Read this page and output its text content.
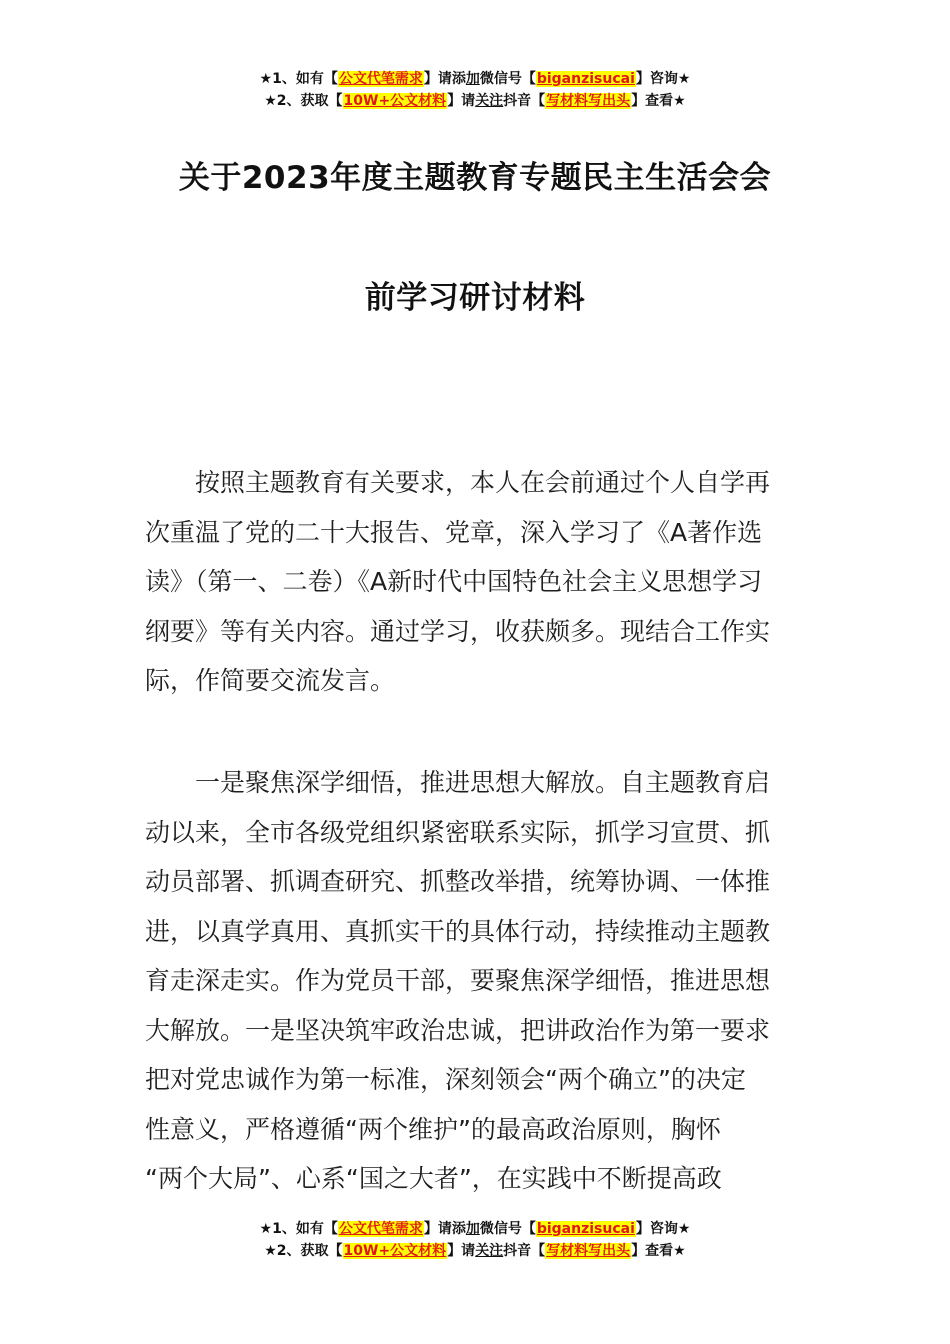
★1、如有【公文代笔需求】请添加微信号【biganzisucai】咨询★
★2、获取【10W+公文材料】请关注抖音【写材料写出头】查看★
关于2023年度主题教育专题民主生活会会
前学习研讨材料
按照主题教育有关要求，本人在会前通过个人自学再
次重温了党的二十大报告、党章，深入学习了《A著作选
读》（第一、二卷）《A新时代中国特色社会主义思想学习
纲要》等有关内容。通过学习，收获颇多。现结合工作实
际，作简要交流发言。
一是聚焦深学细悟，推进思想大解放。自主题教育启
动以来，全市各级党组织紧密联系实际，抓学习宣贯、抓
动员部署、抓调查研究、抓整改举措，统筹协调、一体推
进，以真学真用、真抓实干的具体行动，持续推动主题教
育走深走实。作为党员干部，要聚焦深学细悟，推进思想
大解放。一是坚决筑牢政治忠诚，把讲政治作为第一要求
把对党忠诚作为第一标准，深刻领会“两个确立”的决定
性意义，严格遵循“两个维护”的最高政治原则，胸怀
“两个大局”、心系“国之大者”，在实践中不断提高政
★1、如有【公文代笔需求】请添加微信号【biganzisucai】咨询★
★2、获取【10W+公文材料】请关注抖音【写材料写出头】查看★
